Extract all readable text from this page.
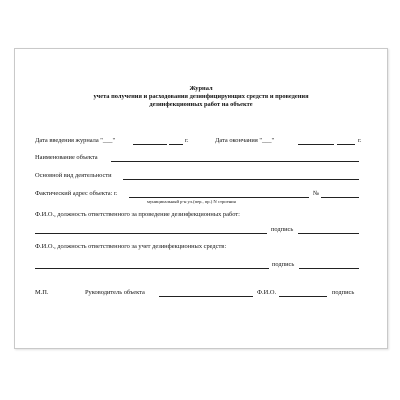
Журнал
учета получения и расходования дезинфицирующих средств и проведения
дезинфекционных работ на объекте
Дата введения журнала "___"	г.	Дата окончания "___"	г.
Наименование объекта
Основной вид деятельности
Фактический адрес объекта: г.	№
муниципальный р-н ул.(пер., пр.) N строения
Ф.И.О., должность ответственного за проведение дезинфекционных работ:
подпись
Ф.И.О., должность ответственного за учет дезинфекционных средств:
подпись
М.П.	Руководитель объекта	Ф.И.О.	подпись
